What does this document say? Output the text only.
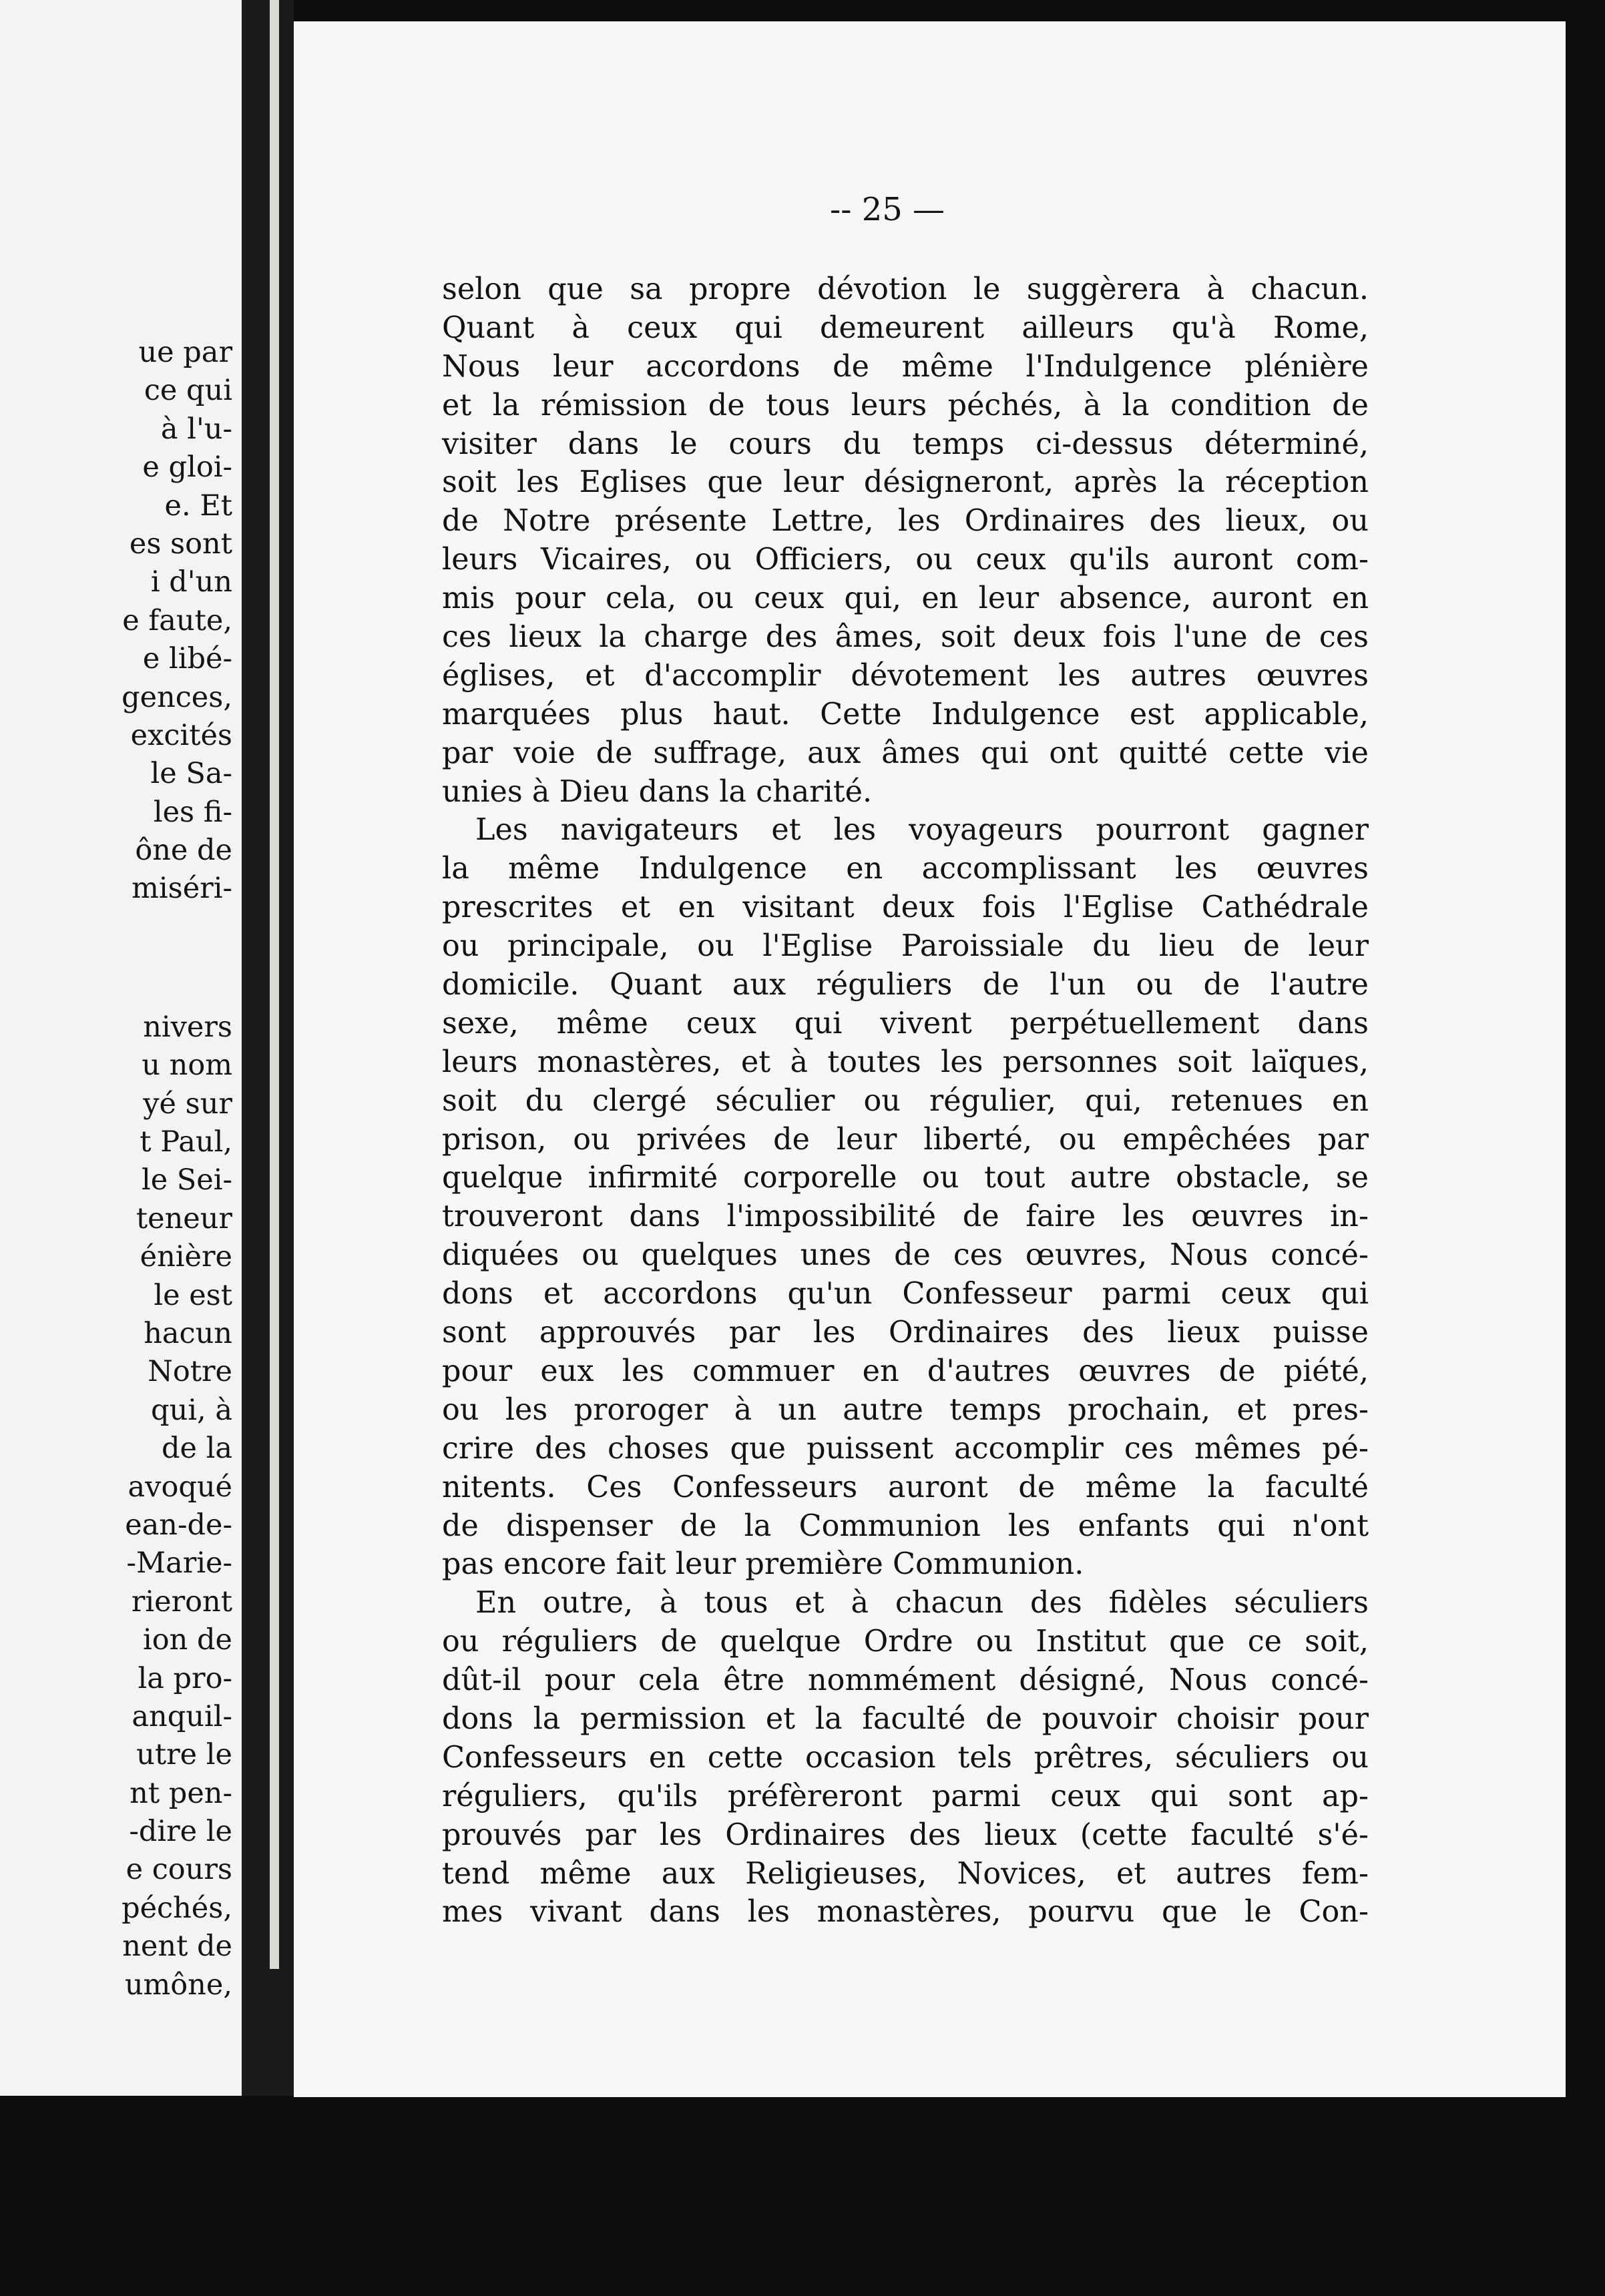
ue par
ce qui
à l'u-
e gloi-
e. Et
es sont
i d'un
e faute,
e libé-
gences,
excités
le Sa-
les fi-
ône de
miséri-
nivers
u nom
yé sur
t Paul,
le Sei-
teneur
énière
le est
hacun
Notre
qui, à
de la
avoqué
ean-de-
-Marie-
rieront
ion de
la pro-
anquil-
utre le
nt pen-
-dire le
e cours
péchés,
nent de
umône,
-- 25 —
selon que sa propre dévotion le suggèrera à chacun.
Quant à ceux qui demeurent ailleurs qu'à Rome,
Nous leur accordons de même l'Indulgence plénière
et la rémission de tous leurs péchés, à la condition de
visiter dans le cours du temps ci-dessus déterminé,
soit les Eglises que leur désigneront, après la réception
de Notre présente Lettre, les Ordinaires des lieux, ou
leurs Vicaires, ou Officiers, ou ceux qu'ils auront com-
mis pour cela, ou ceux qui, en leur absence, auront en
ces lieux la charge des âmes, soit deux fois l'une de ces
églises, et d'accomplir dévotement les autres œuvres
marquées plus haut. Cette Indulgence est applicable,
par voie de suffrage, aux âmes qui ont quitté cette vie
unies à Dieu dans la charité.
Les navigateurs et les voyageurs pourront gagner
la même Indulgence en accomplissant les œuvres
prescrites et en visitant deux fois l'Eglise Cathédrale
ou principale, ou l'Eglise Paroissiale du lieu de leur
domicile. Quant aux réguliers de l'un ou de l'autre
sexe, même ceux qui vivent perpétuellement dans
leurs monastères, et à toutes les personnes soit laïques,
soit du clergé séculier ou régulier, qui, retenues en
prison, ou privées de leur liberté, ou empêchées par
quelque infirmité corporelle ou tout autre obstacle, se
trouveront dans l'impossibilité de faire les œuvres in-
diquées ou quelques unes de ces œuvres, Nous concé-
dons et accordons qu'un Confesseur parmi ceux qui
sont approuvés par les Ordinaires des lieux puisse
pour eux les commuer en d'autres œuvres de piété,
ou les proroger à un autre temps prochain, et pres-
crire des choses que puissent accomplir ces mêmes pé-
nitents. Ces Confesseurs auront de même la faculté
de dispenser de la Communion les enfants qui n'ont
pas encore fait leur première Communion.
En outre, à tous et à chacun des fidèles séculiers
ou réguliers de quelque Ordre ou Institut que ce soit,
dût-il pour cela être nommément désigné, Nous concé-
dons la permission et la faculté de pouvoir choisir pour
Confesseurs en cette occasion tels prêtres, séculiers ou
réguliers, qu'ils préfèreront parmi ceux qui sont ap-
prouvés par les Ordinaires des lieux (cette faculté s'é-
tend même aux Religieuses, Novices, et autres fem-
mes vivant dans les monastères, pourvu que le Con-
